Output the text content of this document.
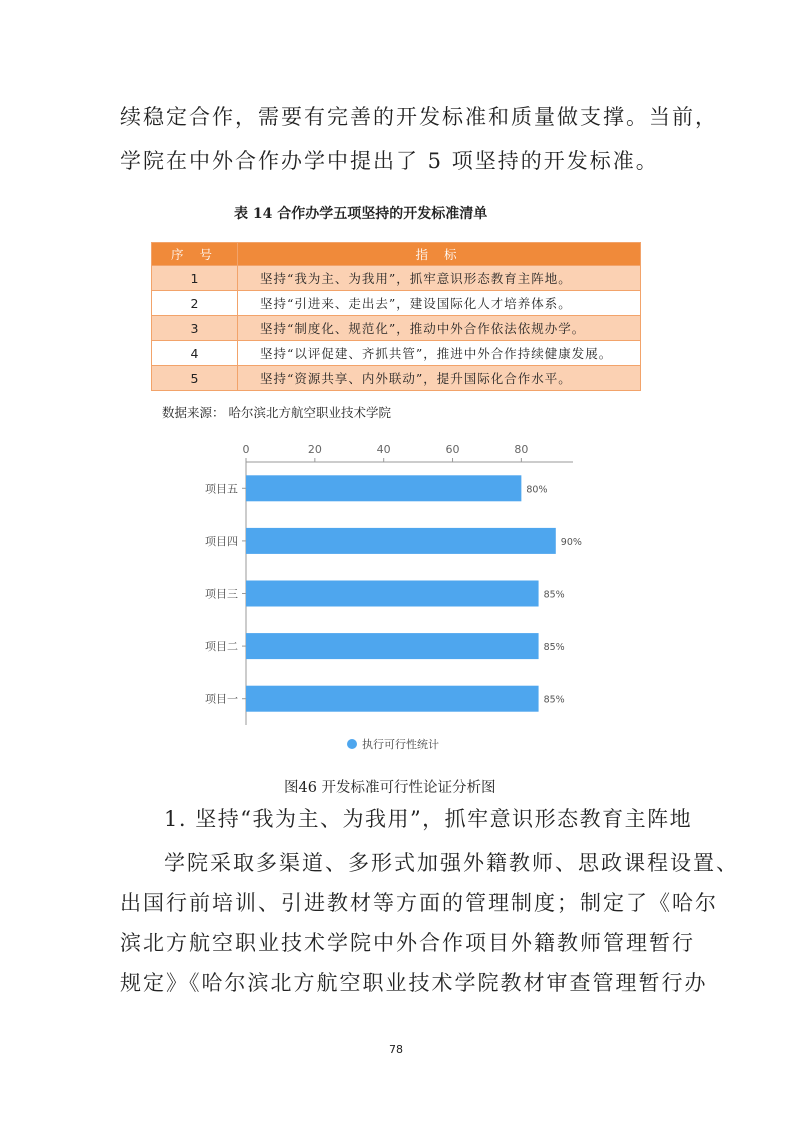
续稳定合作，需要有完善的开发标准和质量做支撑。当前，
学院在中外合作办学中提出了 5 项坚持的开发标准。
表 14 合作办学五项坚持的开发标准清单
序 号	指 标
1	坚持“我为主、为我用”，抓牢意识形态教育主阵地。
2	坚持“引进来、走出去”，建设国际化人才培养体系。
3	坚持“制度化、规范化”，推动中外合作依法依规办学。
4	坚持“以评促建、齐抓共管”，推进中外合作持续健康发展。
5	坚持“资源共享、内外联动”，提升国际化合作水平。
数据来源： 哈尔滨北方航空职业技术学院
0	20	40	60	80
项目五	80%
项目四	90%
项目三	85%
项目二	85%
项目一	85%
执行可行性统计
图46 开发标准可行性论证分析图
1. 坚持“我为主、为我用”，抓牢意识形态教育主阵地
学院采取多渠道、多形式加强外籍教师、思政课程设置、
出国行前培训、引进教材等方面的管理制度；制定了《哈尔
滨北方航空职业技术学院中外合作项目外籍教师管理暂行
规定》《哈尔滨北方航空职业技术学院教材审查管理暂行办
78
